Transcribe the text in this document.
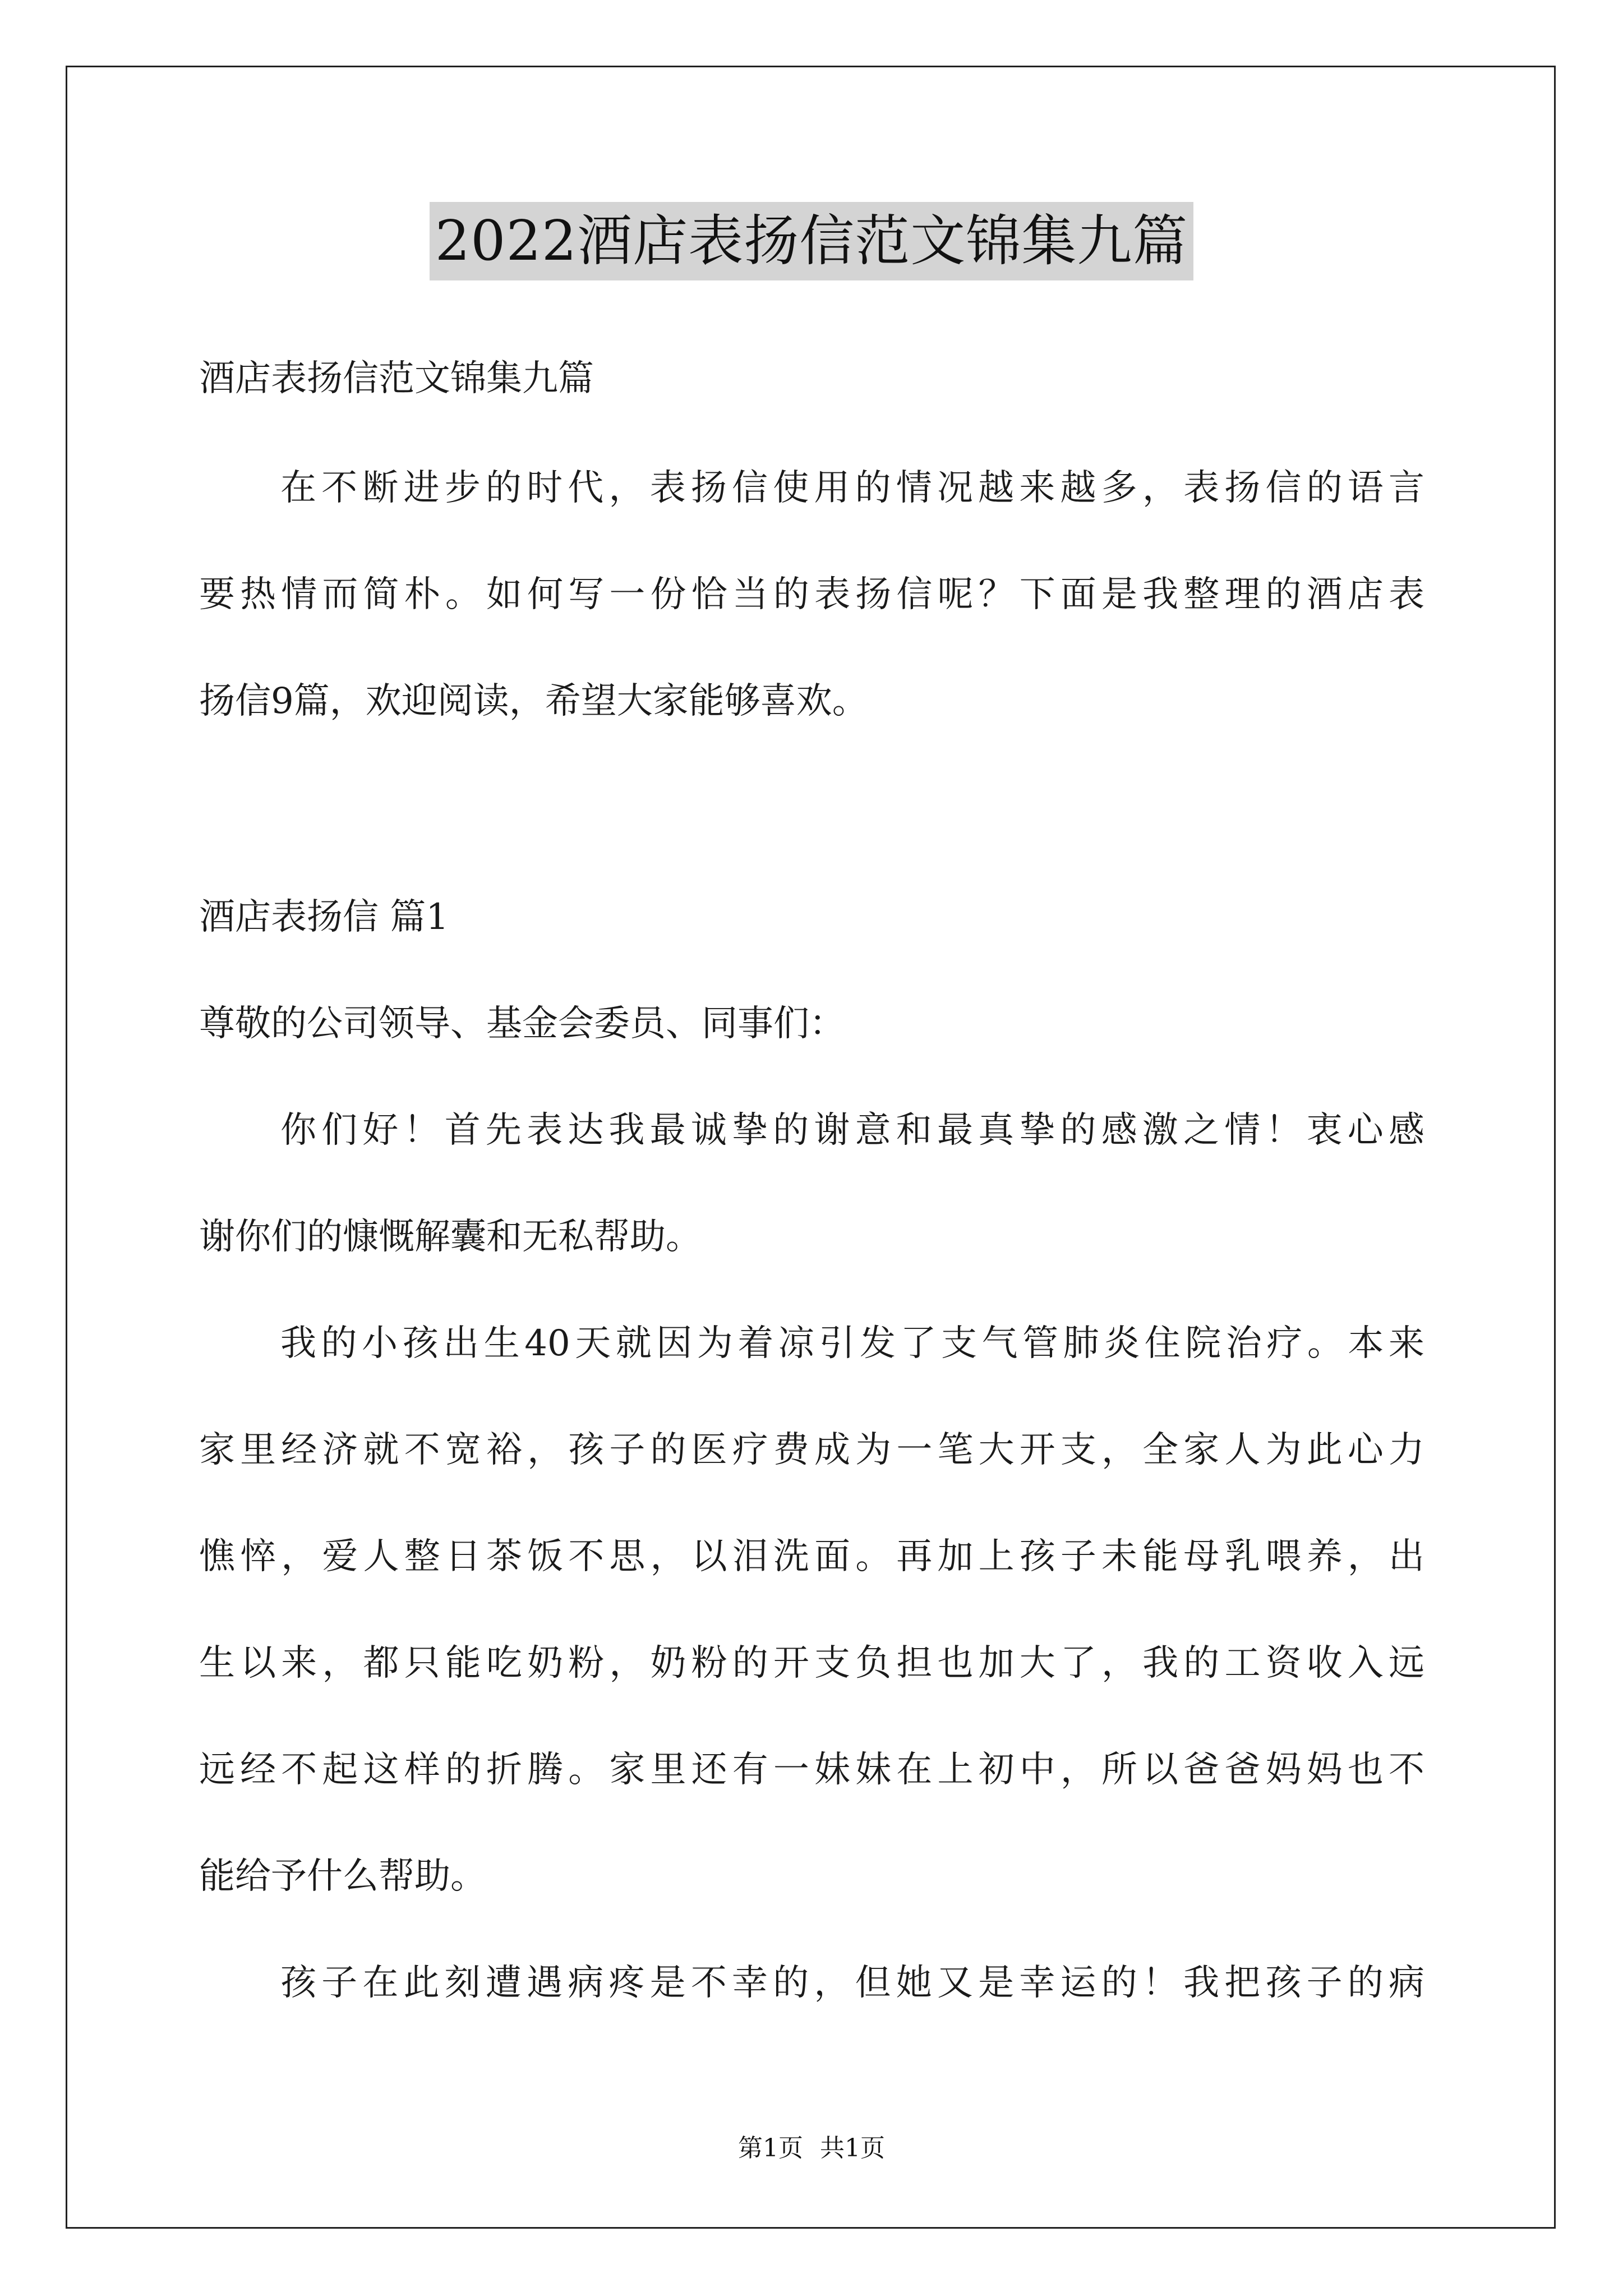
2022酒店表扬信范文锦集九篇
酒店表扬信范文锦集九篇
在不断进步的时代，表扬信使用的情况越来越多，表扬信的语言
要热情而简朴。如何写一份恰当的表扬信呢？下面是我整理的酒店表
扬信9篇，欢迎阅读，希望大家能够喜欢。
酒店表扬信 篇1
尊敬的公司领导、基金会委员、同事们：
你们好！首先表达我最诚挚的谢意和最真挚的感激之情！衷心感
谢你们的慷慨解囊和无私帮助。
我的小孩出生40天就因为着凉引发了支气管肺炎住院治疗。本来
家里经济就不宽裕，孩子的医疗费成为一笔大开支，全家人为此心力
憔悴，爱人整日茶饭不思，以泪洗面。再加上孩子未能母乳喂养，出
生以来，都只能吃奶粉，奶粉的开支负担也加大了，我的工资收入远
远经不起这样的折腾。家里还有一妹妹在上初中，所以爸爸妈妈也不
能给予什么帮助。
孩子在此刻遭遇病疼是不幸的，但她又是幸运的！我把孩子的病
第1页 共1页
